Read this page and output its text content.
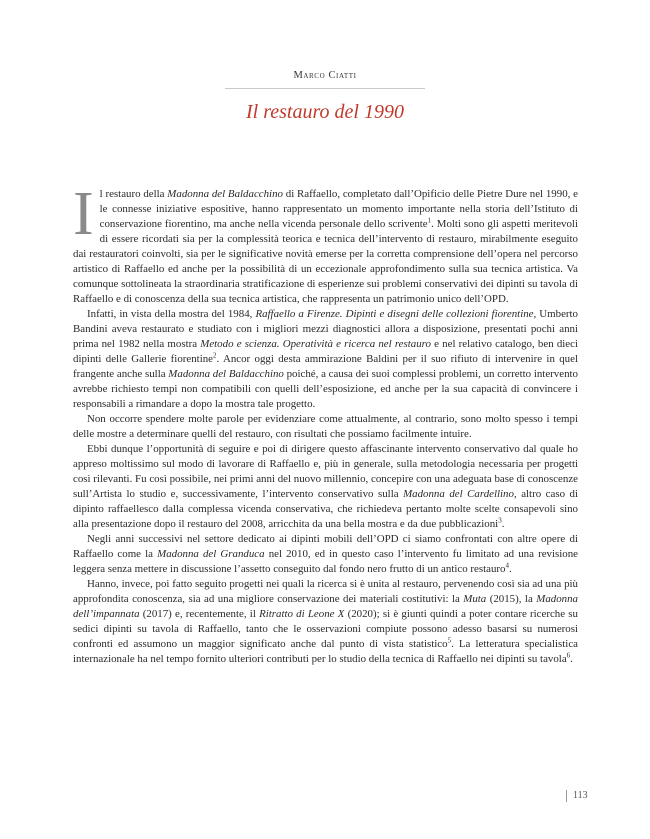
Marco Ciatti
Il restauro del 1990
I l restauro della Madonna del Baldacchino di Raffaello, completato dall’Opificio delle Pietre Dure nel 1990, e le connesse iniziative espositive, hanno rappresentato un momento importante nella storia dell’Istituto di conservazione fiorentino, ma anche nella vicenda personale dello scrivente$^1$. Molti sono gli aspetti meritevoli di essere ricordati sia per la complessità teorica e tecnica dell’intervento di restauro, mirabilmente eseguito dai restauratori coinvolti, sia per le significative novità emerse per la corretta comprensione dell’opera nel percorso artistico di Raffaello ed anche per la possibilità di un eccezionale approfondimento sulla sua tecnica artistica. Va comunque sottolineata la straordinaria stratificazione di esperienze sui problemi conservativi dei dipinti su tavola di Raffaello e di conoscenza della sua tecnica artistica, che rappresenta un patrimonio unico dell’OPD.

Infatti, in vista della mostra del 1984, Raffaello a Firenze. Dipinti e disegni delle collezioni fiorentine, Umberto Bandini aveva restaurato e studiato con i migliori mezzi diagnostici allora a disposizione, presentati pochi anni prima nel 1982 nella mostra Metodo e scienza. Operatività e ricerca nel restauro e nel relativo catalogo, ben dieci dipinti delle Gallerie fiorentine$^2$. Ancor oggi desta ammirazione Baldini per il suo rifiuto di intervenire in quel frangente anche sulla Madonna del Baldacchino poiché, a causa dei suoi complessi problemi, un corretto intervento avrebbe richiesto tempi non compatibili con quelli dell’esposizione, ed anche per la sua capacità di convincere i responsabili a rimandare a dopo la mostra tale progetto.

Non occorre spendere molte parole per evidenziare come attualmente, al contrario, sono molto spesso i tempi delle mostre a determinare quelli del restauro, con risultati che possiamo facilmente intuire.

Ebbi dunque l’opportunità di seguire e poi di dirigere questo affascinante intervento conservativo dal quale ho appreso moltissimo sul modo di lavorare di Raffaello e, più in generale, sulla metodologia necessaria per progetti così rilevanti. Fu così possibile, nei primi anni del nuovo millennio, concepire con una adeguata base di conoscenze sull’Artista lo studio e, successivamente, l’intervento conservativo sulla Madonna del Cardellino, altro caso di dipinto raffaellesco dalla complessa vicenda conservativa, che richiedeva pertanto molte scelte consapevoli sino alla presentazione dopo il restauro del 2008, arricchita da una bella mostra e da due pubblicazioni$^3$.

Negli anni successivi nel settore dedicato ai dipinti mobili dell’OPD ci siamo confrontati con altre opere di Raffaello come la Madonna del Granduca nel 2010, ed in questo caso l’intervento fu limitato ad una revisione leggera senza mettere in discussione l’assetto conseguito dal fondo nero frutto di un antico restauro$^4$.

Hanno, invece, poi fatto seguito progetti nei quali la ricerca si è unita al restauro, pervenendo così sia ad una più approfondita conoscenza, sia ad una migliore conservazione dei materiali costitutivi: la Muta (2015), la Madonna dell’impannata (2017) e, recentemente, il Ritratto di Leone X (2020); si è giunti quindi a poter contare ricerche su sedici dipinti su tavola di Raffaello, tanto che le osservazioni compiute possono adesso basarsi su numerosi confronti ed assumono un maggior significato anche dal punto di vista statistico$^5$. La letteratura specialistica internazionale ha nel tempo fornito ulteriori contributi per lo studio della tecnica di Raffaello nei dipinti su tavola$^6$.

113
